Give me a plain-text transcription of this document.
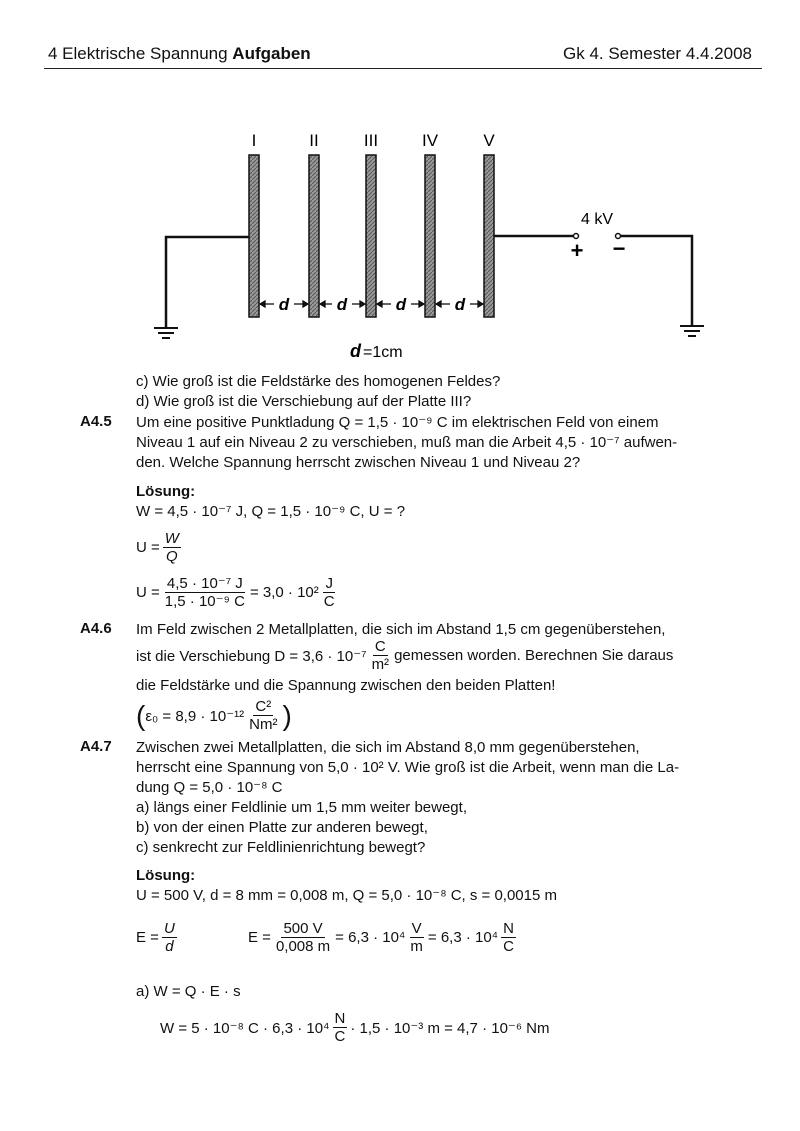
4 Elektrische Spannung Aufgaben	Gk 4. Semester 4.4.2008
I	II	III	IV	V
4 kV
+ −
d	d	d	d
d =1cm
c) Wie groß ist die Feldstärke des homogenen Feldes?
d) Wie groß ist die Verschiebung auf der Platte III?
A4.5 Um eine positive Punktladung Q = 1,5 · 10⁻⁹ C im elektrischen Feld von einem
Niveau 1 auf ein Niveau 2 zu verschieben, muß man die Arbeit 4,5 · 10⁻⁷ aufwen-
den. Welche Spannung herrscht zwischen Niveau 1 und Niveau 2?
Lösung:
W = 4,5 · 10⁻⁷ J, Q = 1,5 · 10⁻⁹ C, U = ?
$U = \frac{W}{Q}$
$U = \frac{\text{4,5 · 10⁻⁷ J}}{\text{1,5 · 10⁻⁹ C}} = 3,0 \cdot 10^2 \frac{J}{C}$
A4.6 Im Feld zwischen 2 Metallplatten, die sich im Abstand 1,5 cm gegenüberstehen,
ist die Verschiebung $D = 3,6 \cdot 10^{-7} \frac{C}{\text{m²}}$ gemessen worden. Berechnen Sie daraus
die Feldstärke und die Spannung zwischen den beiden Platten!
( $\varepsilon_0 = 8,9 \cdot 10^{-12} \frac{\text{C²}}{\text{Nm²}}$ )
A4.7 Zwischen zwei Metallplatten, die sich im Abstand 8,0 mm gegenüberstehen,
herrscht eine Spannung von 5,0 · 10² V. Wie groß ist die Arbeit, wenn man die La-
dung Q = 5,0 · 10⁻⁸ C
a) längs einer Feldlinie um 1,5 mm weiter bewegt,
b) von der einen Platte zur anderen bewegt,
c) senkrecht zur Feldlinienrichtung bewegt?
Lösung:
U = 500 V, d = 8 mm = 0,008 m, Q = 5,0 · 10⁻⁸ C, s = 0,0015 m
$E = \frac{U}{d}$	$E = \frac{500 V}{0,008 m} = 6,3 \cdot 10^4 \frac{V}{m} = 6,3 \cdot 10^4 \frac{N}{C}$
a) W = Q · E · s
W = 5 · 10⁻⁸ $C \cdot 6,3 \cdot 10^4 \frac{N}{C} \cdot 1,5 \cdot 10^{-3}$ m = 4,7 · 10⁻⁶ Nm
